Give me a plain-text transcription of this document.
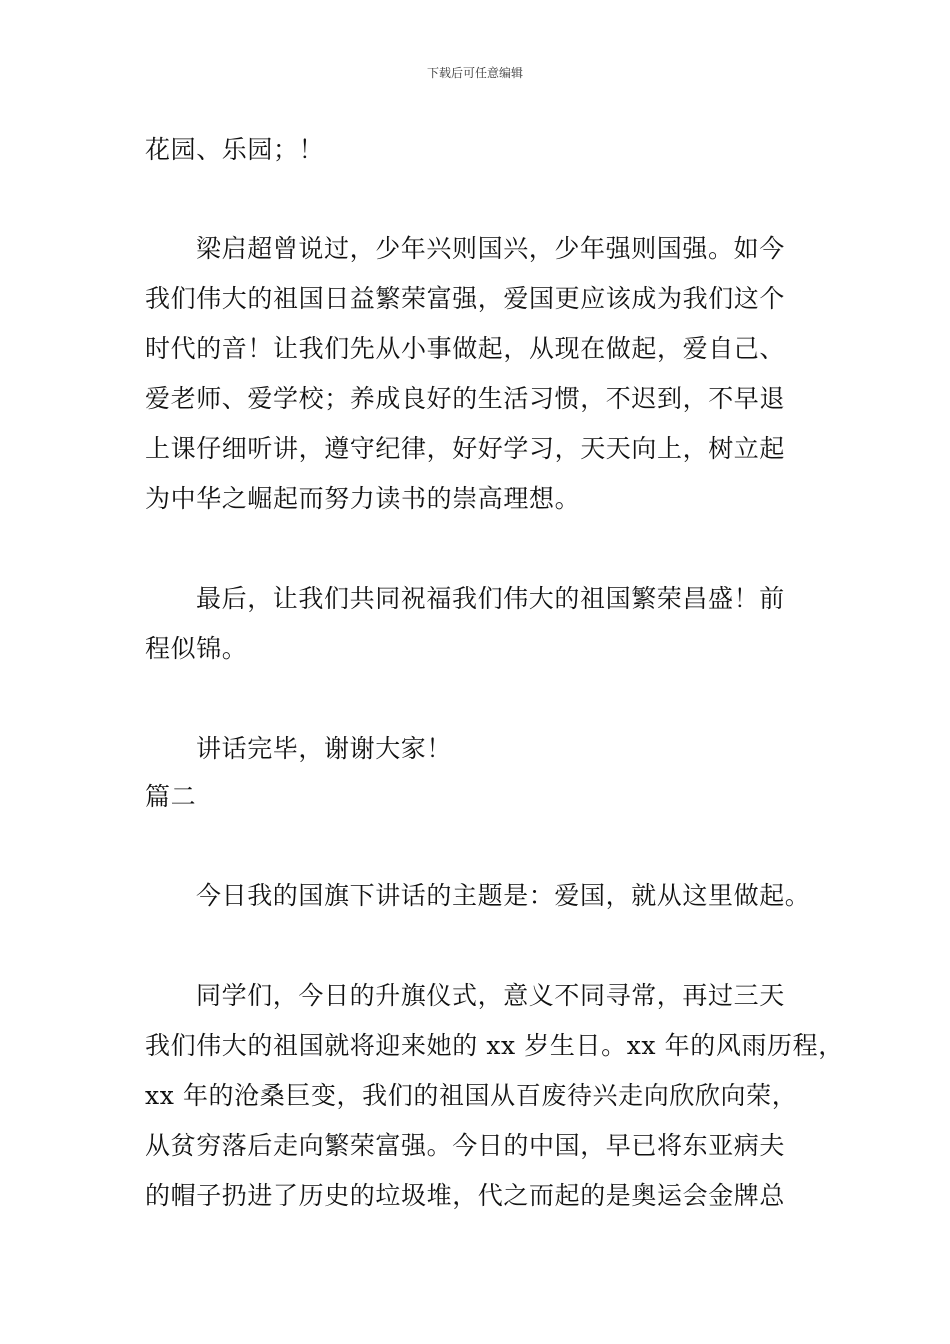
下载后可任意编辑
花园、乐园；！
梁启超曾说过，少年兴则国兴，少年强则国强。如今
我们伟大的祖国日益繁荣富强，爱国更应该成为我们这个
时代的音！让我们先从小事做起，从现在做起，爱自己、
爱老师、爱学校；养成良好的生活习惯，不迟到，不早退
上课仔细听讲，遵守纪律，好好学习，天天向上，树立起
为中华之崛起而努力读书的崇高理想。
最后，让我们共同祝福我们伟大的祖国繁荣昌盛！前
程似锦。
讲话完毕，谢谢大家！
篇二
今日我的国旗下讲话的主题是：爱国，就从这里做起。
同学们，今日的升旗仪式，意义不同寻常，再过三天
我们伟大的祖国就将迎来她的 xx 岁生日。xx 年的风雨历程，
xx 年的沧桑巨变，我们的祖国从百废待兴走向欣欣向荣，
从贫穷落后走向繁荣富强。今日的中国，早已将东亚病夫
的帽子扔进了历史的垃圾堆，代之而起的是奥运会金牌总
